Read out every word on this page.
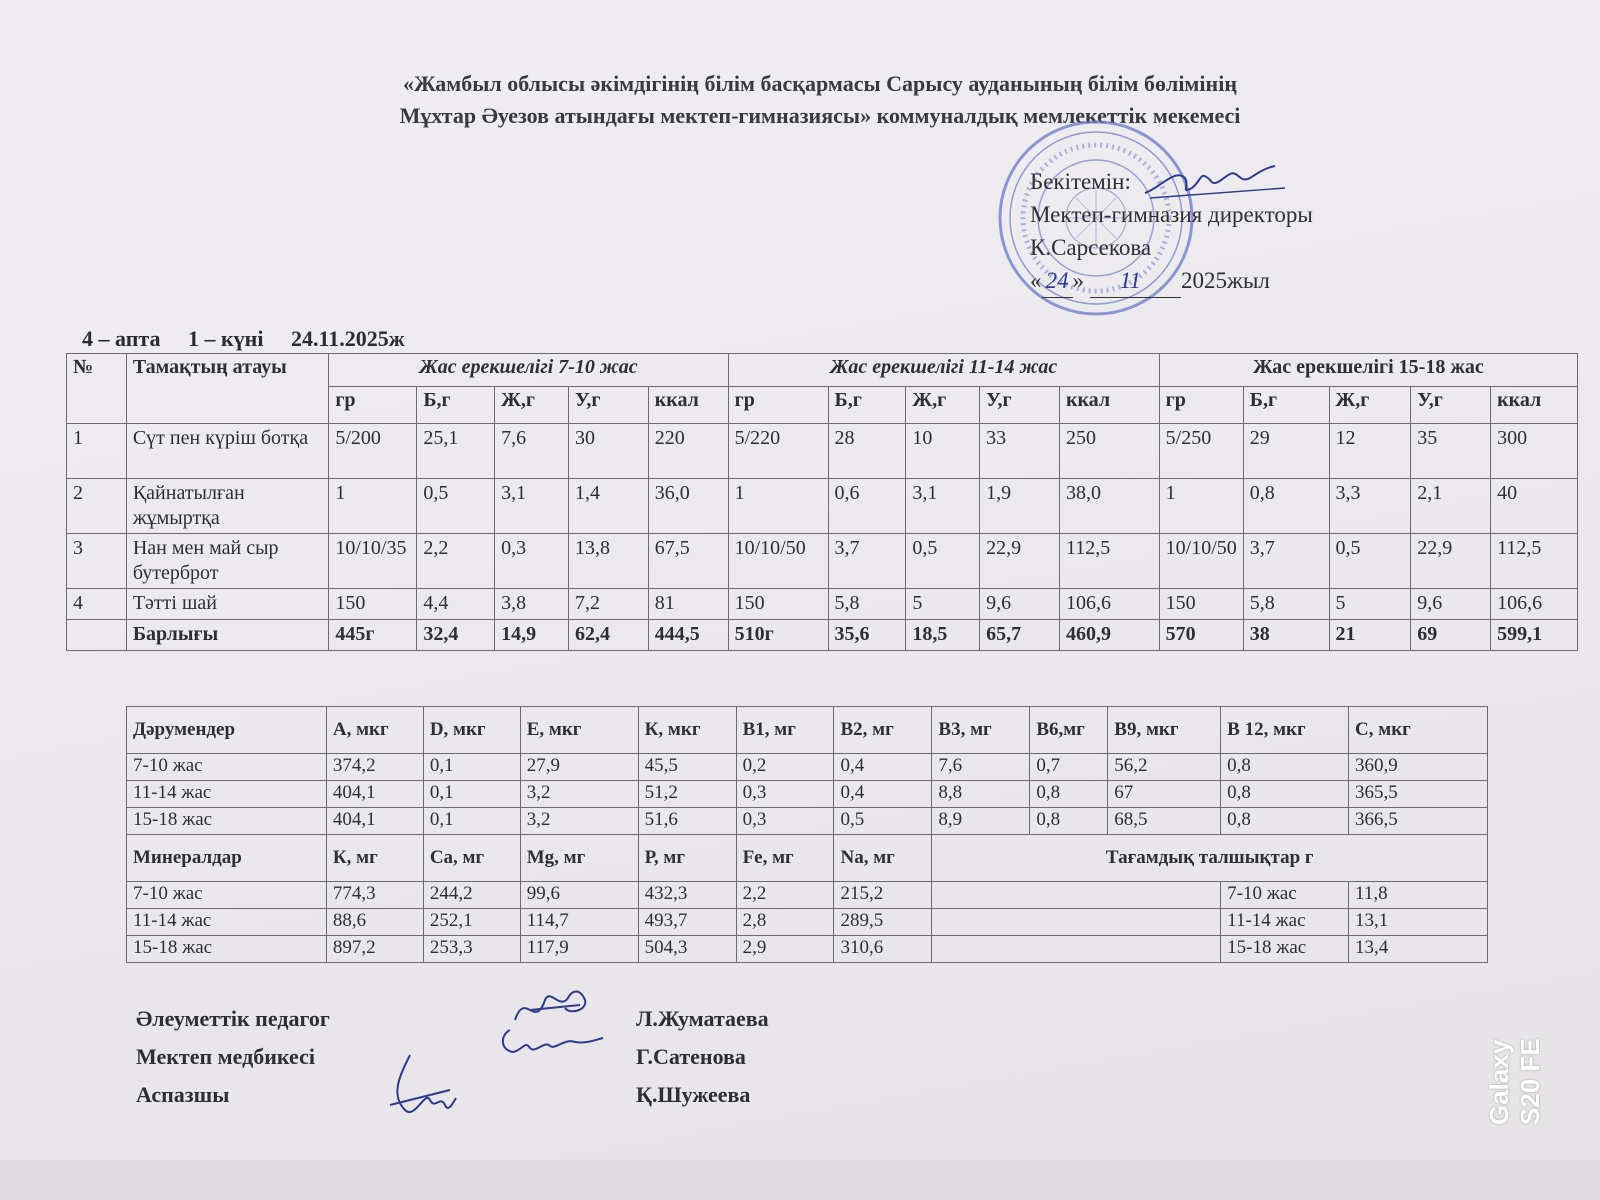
«Жамбыл облысы әкімдігінің білім басқармасы Сарысу ауданының білім бөлімінің
Мұхтар Әуезов атындағы мектеп-гимназиясы» коммуналдық мемлекеттік мекемесі
Бекітемін:
Мектеп-гимназия директоры
К.Сарсекова
« 24 » 11 2025жыл
4 – апта 1 – күні 24.11.2025ж
№	Тамақтың атауы	Жас ерекшелігі 7-10 жас					Жас ерекшелігі 11-14 жас					Жас ерекшелігі 15-18 жас				
		гр	Б,г	Ж,г	У,г	ккал	гр	Б,г	Ж,г	У,г	ккал	гр	Б,г	Ж,г	У,г	ккал
1	Сүт пен күріш ботқа	5/200	25,1	7,6	30	220	5/220	28	10	33	250	5/250	29	12	35	300
2	Қайнатылған жұмыртқа	1	0,5	3,1	1,4	36,0	1	0,6	3,1	1,9	38,0	1	0,8	3,3	2,1	40
3	Нан мен май сыр бутерброт	10/10/35	2,2	0,3	13,8	67,5	10/10/50	3,7	0,5	22,9	112,5	10/10/50	3,7	0,5	22,9	112,5
4	Тәтті шай	150	4,4	3,8	7,2	81	150	5,8	5	9,6	106,6	150	5,8	5	9,6	106,6
	Барлығы	445г	32,4	14,9	62,4	444,5	510г	35,6	18,5	65,7	460,9	570	38	21	69	599,1
Дәрумендер	А, мкг	D, мкг	Е, мкг	К, мкг	В1, мг	В2, мг	В3, мг	В6,мг	В9, мкг	В 12, мкг	С, мкг
7-10 жас	374,2	0,1	27,9	45,5	0,2	0,4	7,6	0,7	56,2	0,8	360,9
11-14 жас	404,1	0,1	3,2	51,2	0,3	0,4	8,8	0,8	67	0,8	365,5
15-18 жас	404,1	0,1	3,2	51,6	0,3	0,5	8,9	0,8	68,5	0,8	366,5
Минералдар	К, мг	Са, мг	Mg, мг	Р, мг	Fe, мг	Na, мг	Тағамдық талшықтар г				
7-10 жас	774,3	244,2	99,6	432,3	2,2	215,2				7-10 жас	11,8
11-14 жас	88,6	252,1	114,7	493,7	2,8	289,5				11-14 жас	13,1
15-18 жас	897,2	253,3	117,9	504,3	2,9	310,6				15-18 жас	13,4
Әлеуметтік педагог	Л.Жуматаева
Мектеп медбикесі	Г.Сатенова
Аспазшы	Қ.Шужеева	Galaxy S20 FE
